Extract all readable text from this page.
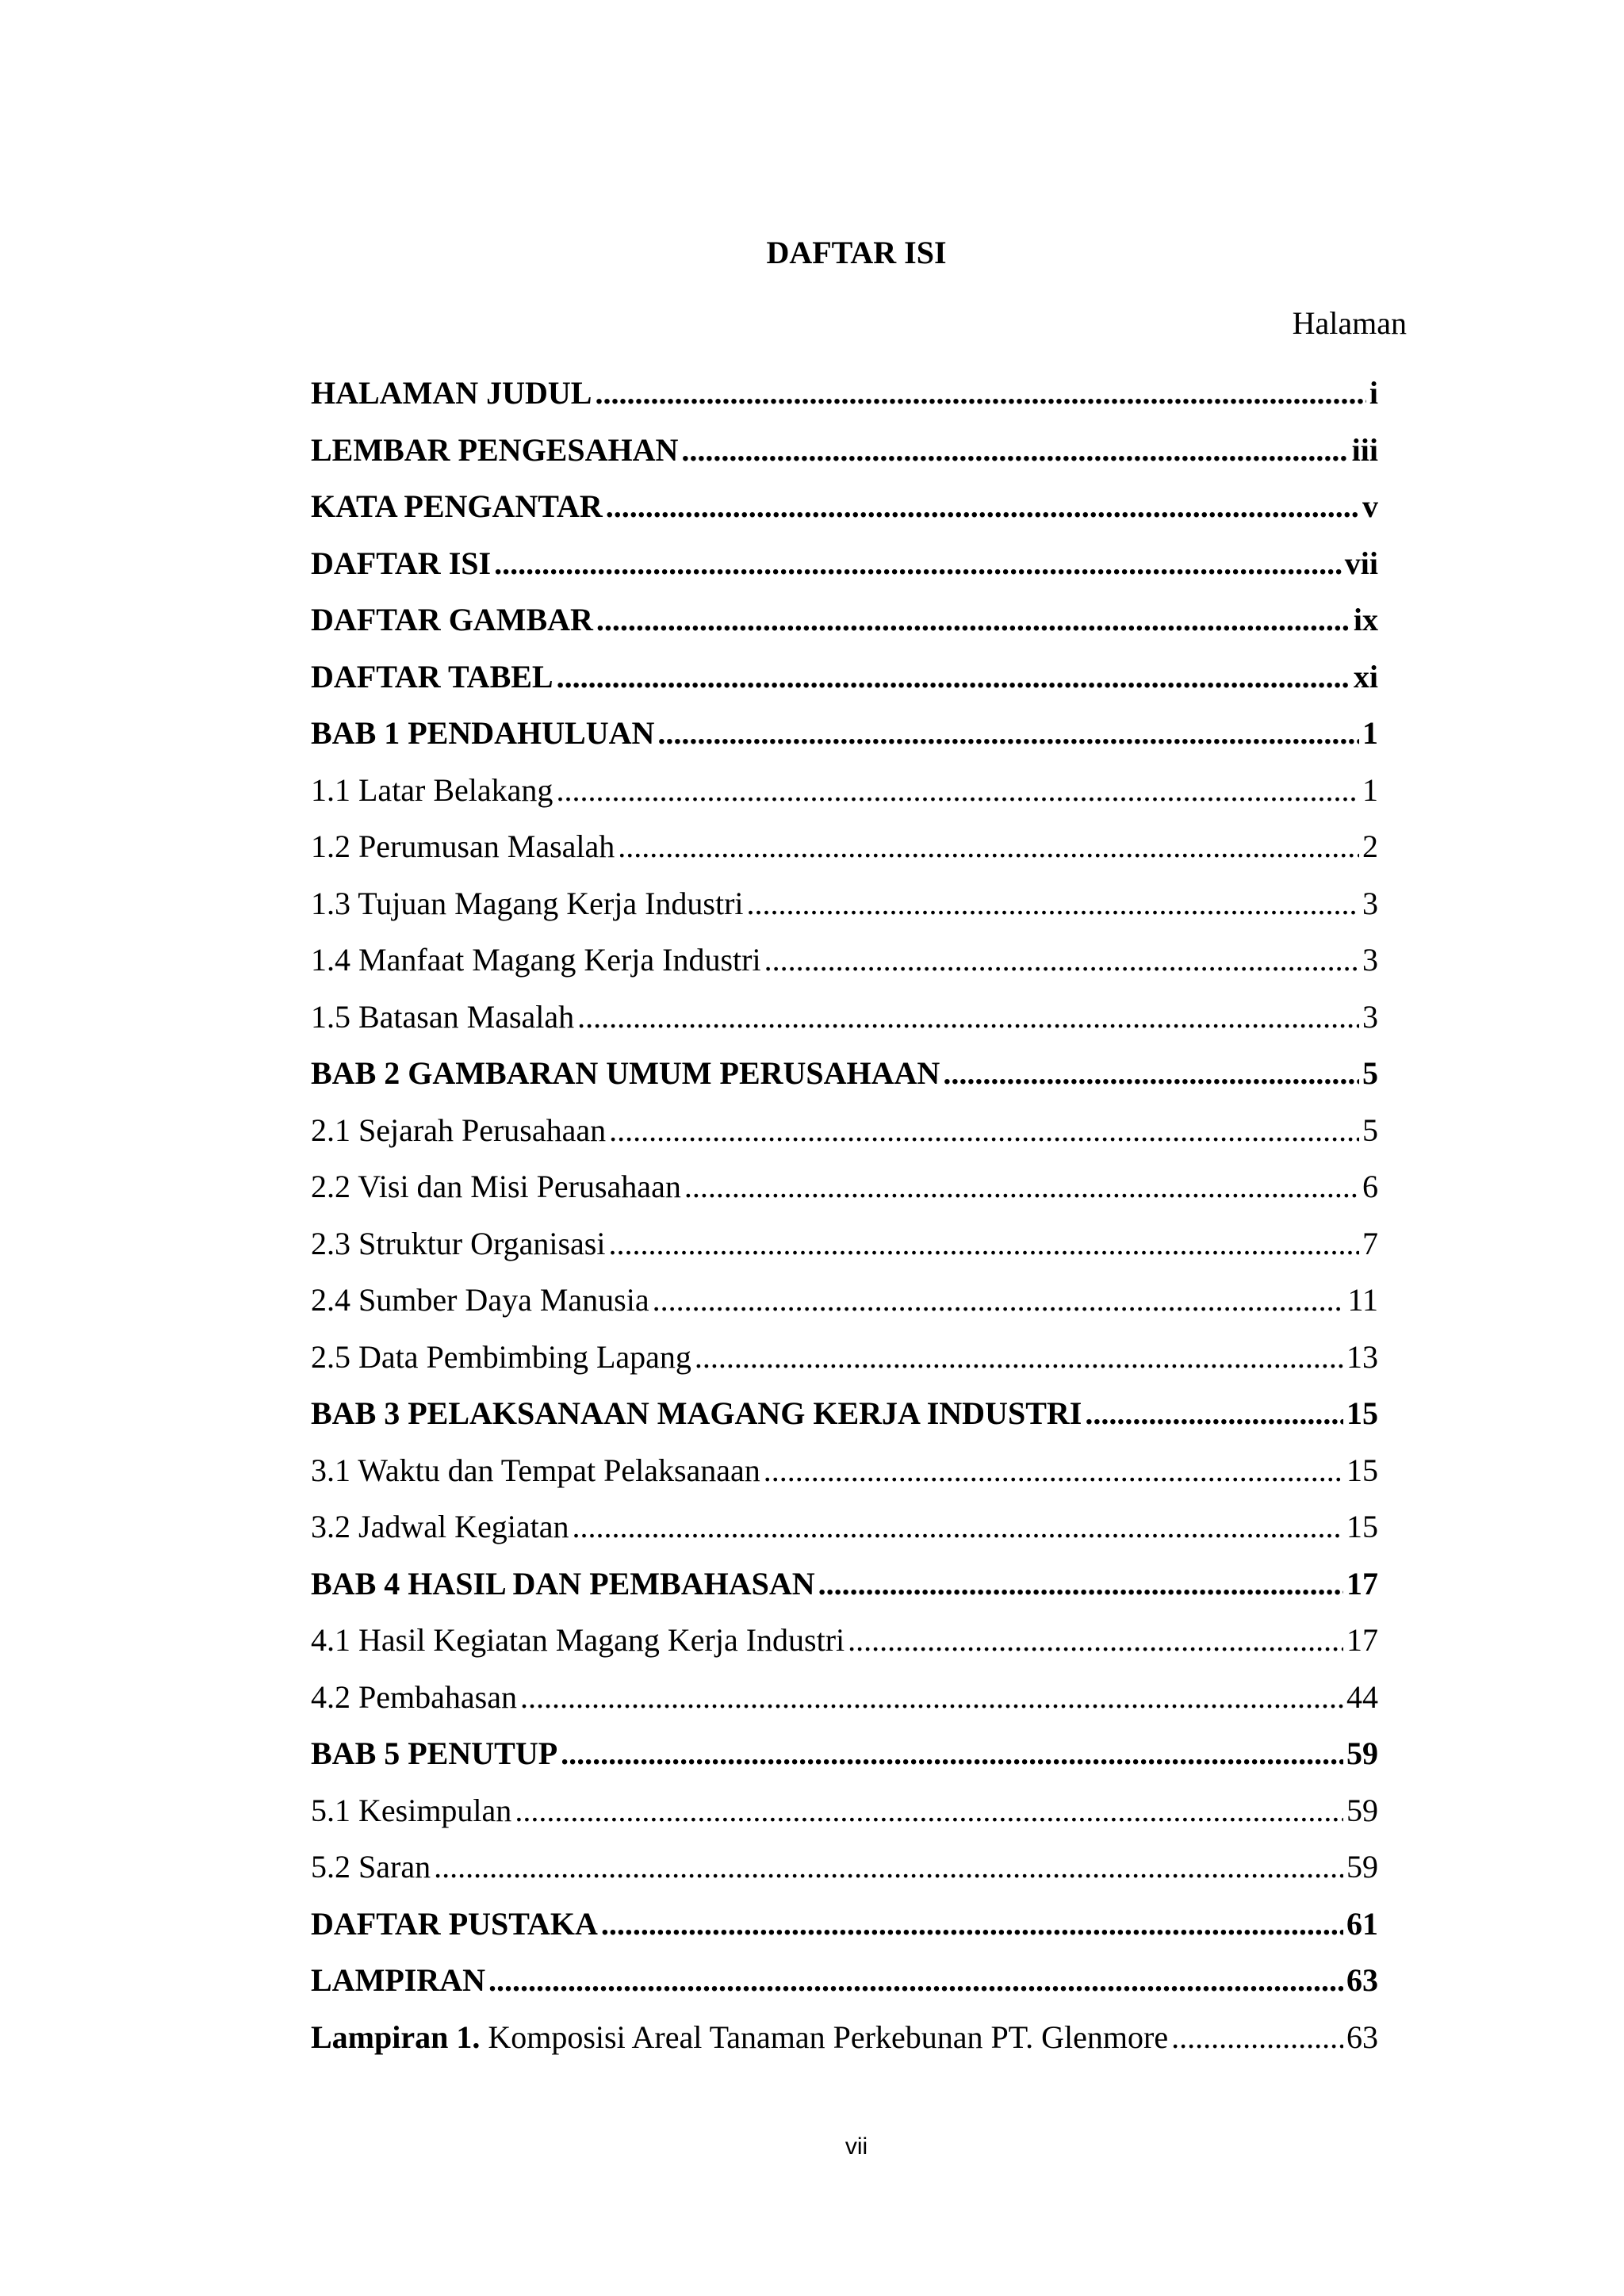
DAFTAR ISI
Halaman
HALAMAN JUDUL .....	i
LEMBAR PENGESAHAN .....	iii
KATA PENGANTAR .....	v
DAFTAR ISI .....	vii
DAFTAR GAMBAR .....	ix
DAFTAR TABEL .....	xi
BAB 1 PENDAHULUAN .....	1
1.1 Latar Belakang .....	1
1.2 Perumusan Masalah .....	2
1.3 Tujuan Magang Kerja Industri .....	3
1.4 Manfaat Magang Kerja Industri .....	3
1.5 Batasan Masalah .....	3
BAB 2 GAMBARAN UMUM PERUSAHAAN .....	5
2.1 Sejarah Perusahaan .....	5
2.2 Visi dan Misi Perusahaan .....	6
2.3 Struktur Organisasi .....	7
2.4 Sumber Daya Manusia .....	11
2.5 Data Pembimbing Lapang .....	13
BAB 3 PELAKSANAAN MAGANG KERJA INDUSTRI .....	15
3.1 Waktu dan Tempat Pelaksanaan .....	15
3.2 Jadwal Kegiatan .....	15
BAB 4 HASIL DAN PEMBAHASAN .....	17
4.1 Hasil Kegiatan Magang Kerja Industri .....	17
4.2 Pembahasan .....	44
BAB 5 PENUTUP .....	59
5.1 Kesimpulan .....	59
5.2 Saran .....	59
DAFTAR PUSTAKA .....	61
LAMPIRAN .....	63
Lampiran 1. Komposisi Areal Tanaman Perkebunan PT. Glenmore .....	63
vii
